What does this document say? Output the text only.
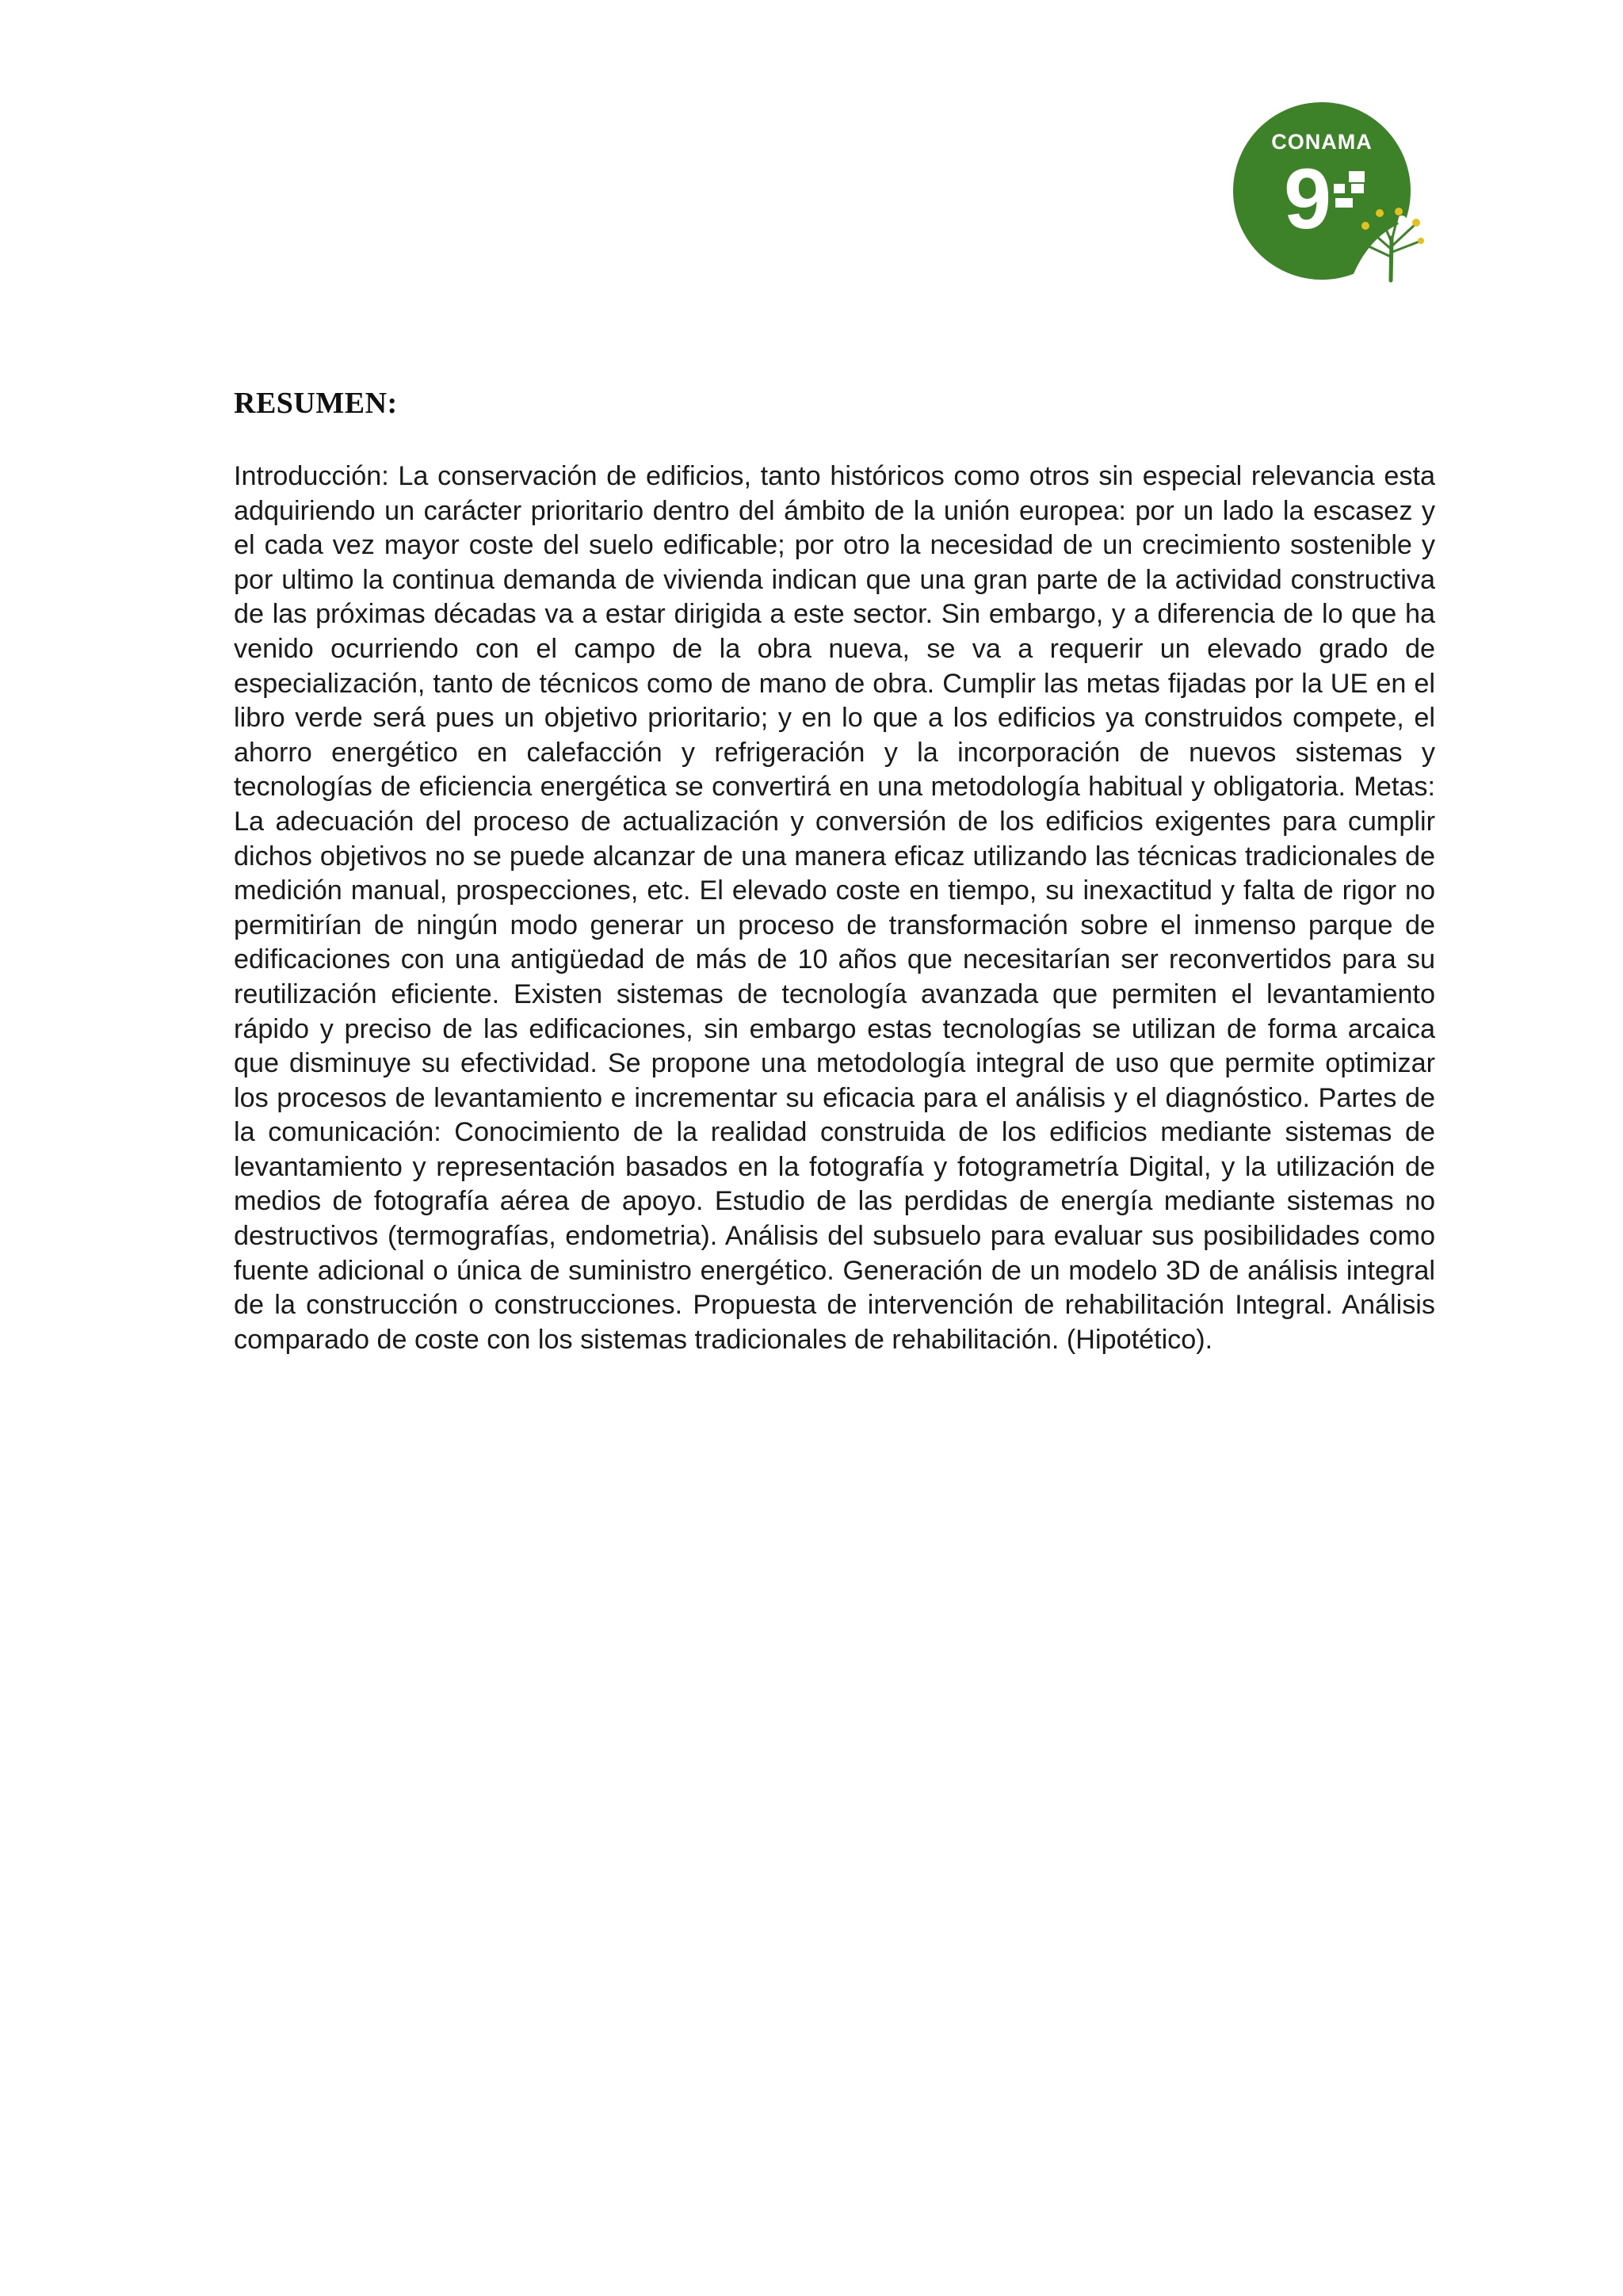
CONAMA
9
RESUMEN:

Introducción: La conservación de edificios, tanto históricos como otros sin especial relevancia esta adquiriendo un carácter prioritario dentro del ámbito de la unión europea: por un lado la escasez y el cada vez mayor coste del suelo edificable; por otro la necesidad de un crecimiento sostenible y por ultimo la continua demanda de vivienda indican que una gran parte de la actividad constructiva de las próximas décadas va a estar dirigida a este sector. Sin embargo, y a diferencia de lo que ha venido ocurriendo con el campo de la obra nueva, se va a requerir un elevado grado de especialización, tanto de técnicos como de mano de obra. Cumplir las metas fijadas por la UE en el libro verde será pues un objetivo prioritario; y en lo que a los edificios ya construidos compete, el ahorro energético en calefacción y refrigeración y la incorporación de nuevos sistemas y tecnologías de eficiencia energética se convertirá en una metodología habitual y obligatoria. Metas: La adecuación del proceso de actualización y conversión de los edificios exigentes para cumplir dichos objetivos no se puede alcanzar de una manera eficaz utilizando las técnicas tradicionales de medición manual, prospecciones, etc. El elevado coste en tiempo, su inexactitud y falta de rigor no permitirían de ningún modo generar un proceso de transformación sobre el inmenso parque de edificaciones con una antigüedad de más de 10 años que necesitarían ser reconvertidos para su reutilización eficiente. Existen sistemas de tecnología avanzada que permiten el levantamiento rápido y preciso de las edificaciones, sin embargo estas tecnologías se utilizan de forma arcaica que disminuye su efectividad. Se propone una metodología integral de uso que permite optimizar los procesos de levantamiento e incrementar su eficacia para el análisis y el diagnóstico. Partes de la comunicación: Conocimiento de la realidad construida de los edificios mediante sistemas de levantamiento y representación basados en la fotografía y fotogrametría Digital, y la utilización de medios de fotografía aérea de apoyo. Estudio de las perdidas de energía mediante sistemas no destructivos (termografías, endometria). Análisis del subsuelo para evaluar sus posibilidades como fuente adicional o única de suministro energético. Generación de un modelo 3D de análisis integral de la construcción o construcciones. Propuesta de intervención de rehabilitación Integral. Análisis comparado de coste con los sistemas tradicionales de rehabilitación. (Hipotético).
